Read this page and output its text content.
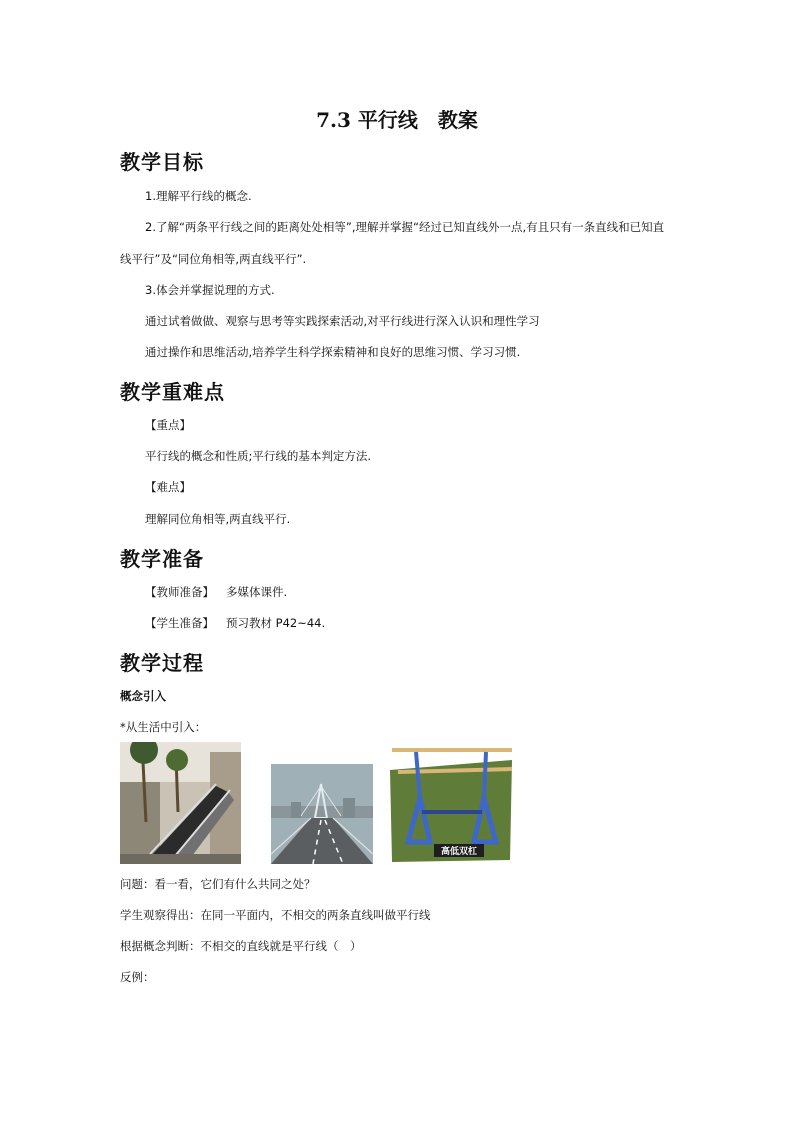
7.3 平行线　教案
教学目标
1.理解平行线的概念.
2.了解“两条平行线之间的距离处处相等”,理解并掌握“经过已知直线外一点,有且只有一条直线和已知直
线平行”及“同位角相等,两直线平行”.
3.体会并掌握说理的方式.
通过试着做做、观察与思考等实践探索活动,对平行线进行深入认识和理性学习
通过操作和思维活动,培养学生科学探索精神和良好的思维习惯、学习习惯.
教学重难点
【重点】
平行线的概念和性质;平行线的基本判定方法.
【难点】
理解同位角相等,两直线平行.
教学准备
【教师准备】 多媒体课件.
【学生准备】 预习教材 P42~44.
教学过程
概念引入
*从生活中引入：
高低双杠
问题：看一看，它们有什么共同之处？
学生观察得出：在同一平面内，不相交的两条直线叫做平行线
根据概念判断：不相交的直线就是平行线（　）
反例：
